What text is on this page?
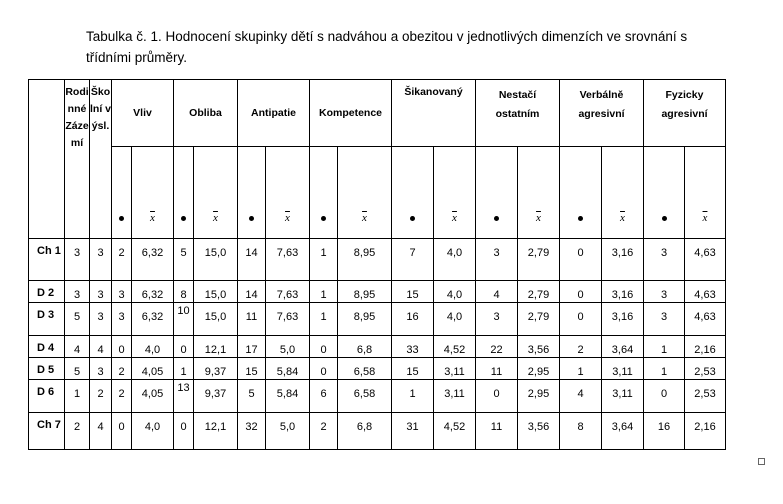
Tabulka č. 1. Hodnocení skupinky dětí s nadváhou a obezitou v jednotlivých dimenzích ve srovnání s třídními průměry.
	Rodinné Zázemí	Školní výsl.	Vliv		Obliba		Antipatie		Kompetence		Šikanovaný		Nestačí ostatním		Verbálně agresivní		Fyzicky agresivní	
				$\overline{x}$		$\overline{x}$		$\overline{x}$		$\overline{x}$		$\overline{x}$		$\overline{x}$		$\overline{x}$		$\overline{x}$
Ch 1	3	3	2	6,32	5	15,0	14	7,63	1	8,95	7	4,0	3	2,79	0	3,16	3	4,63
D 2	3	3	3	6,32	8	15,0	14	7,63	1	8,95	15	4,0	4	2,79	0	3,16	3	4,63
D 3	5	3	3	6,32	10	15,0	11	7,63	1	8,95	16	4,0	3	2,79	0	3,16	3	4,63
D 4	4	4	0	4,0	0	12,1	17	5,0	0	6,8	33	4,52	22	3,56	2	3,64	1	2,16
D 5	5	3	2	4,05	1	9,37	15	5,84	0	6,58	15	3,11	11	2,95	1	3,11	1	2,53
D 6	1	2	2	4,05	13	9,37	5	5,84	6	6,58	1	3,11	0	2,95	4	3,11	0	2,53
Ch 7	2	4	0	4,0	0	12,1	32	5,0	2	6,8	31	4,52	11	3,56	8	3,64	16	2,16
